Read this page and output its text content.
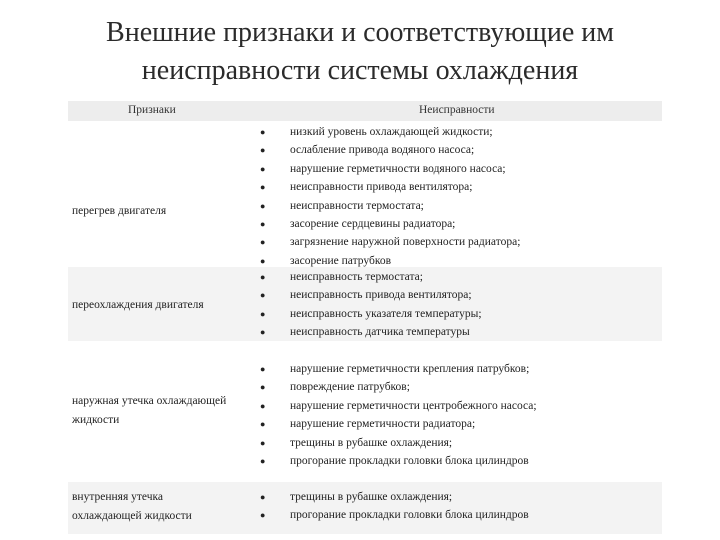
Внешние признаки и соответствующие им
неисправности системы охлаждения
Признаки	Неисправности
перегрев двигателя
● низкий уровень охлаждающей жидкости;
● ослабление привода водяного насоса;
● нарушение герметичности водяного насоса;
● неисправности привода вентилятора;
● неисправности термостата;
● засорение сердцевины радиатора;
● загрязнение наружной поверхности радиатора;
● засорение патрубков
переохлаждения двигателя
● неисправность термостата;
● неисправность привода вентилятора;
● неисправность указателя температуры;
● неисправность датчика температуры
наружная утечка охлаждающей
жидкости
● нарушение герметичности крепления патрубков;
● повреждение патрубков;
● нарушение герметичности центробежного насоса;
● нарушение герметичности радиатора;
● трещины в рубашке охлаждения;
● прогорание прокладки головки блока цилиндров
внутренняя утечка
охлаждающей жидкости
● трещины в рубашке охлаждения;
● прогорание прокладки головки блока цилиндров
